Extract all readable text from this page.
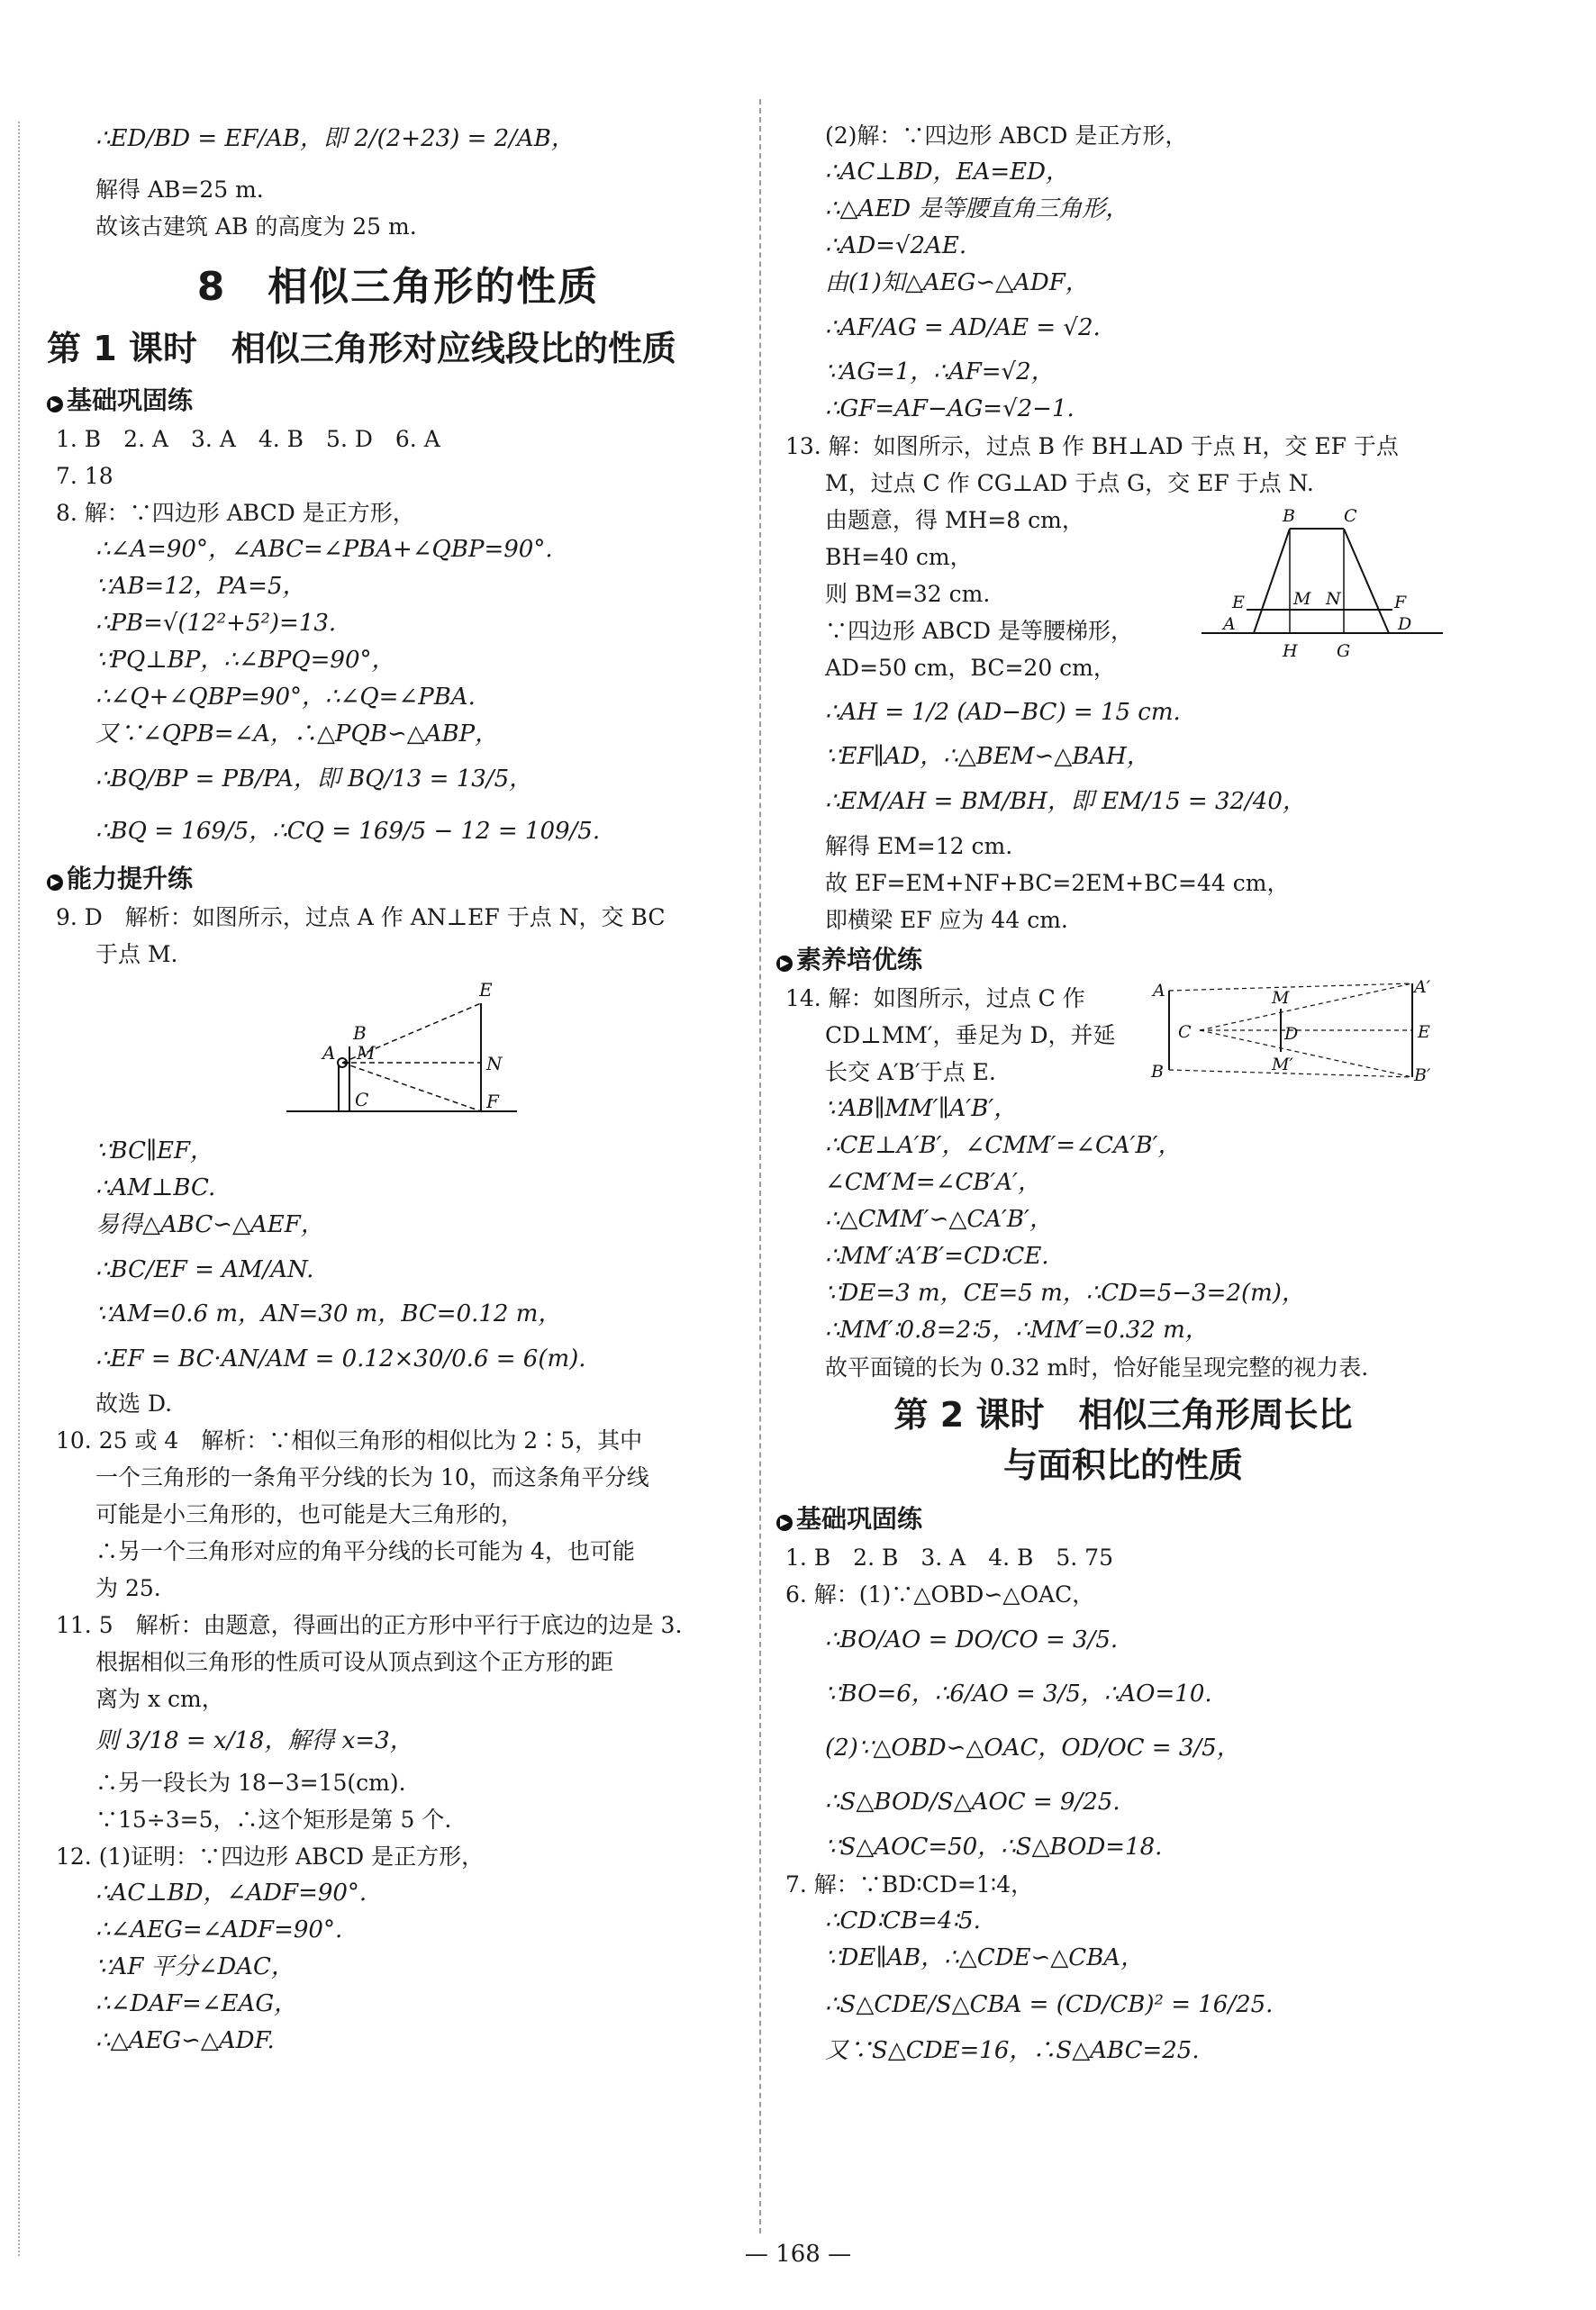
∴ED/BD = EF/AB，即 2/(2+23) = 2/AB，

解得 AB=25 m.

故该古建筑 AB 的高度为 25 m.

8　相似三角形的性质
第 1 课时　相似三角形对应线段比的性质
▶ 基础巩固练

1. B　2. A　3. A　4. B　5. D　6. A

7. 18

8. 解：∵四边形 ABCD 是正方形，

∴∠A=90°，∠ABC=∠PBA+∠QBP=90°.

∵AB=12，PA=5，

∴PB=√(12²+5²)=13.

∵PQ⊥BP，∴∠BPQ=90°，

∴∠Q+∠QBP=90°，∴∠Q=∠PBA.

又∵∠QPB=∠A，∴△PQB∽△ABP，

∴BQ/BP = PB/PA，即 BQ/13 = 13/5，

∴BQ = 169/5，∴CQ = 169/5 − 12 = 109/5.

▶ 能力提升练

9. D　解析：如图所示，过点 A 作 AN⊥EF 于点 N，交 BC

于点 M.

E
B
M
A	N
C	F

∵BC∥EF，

∴AM⊥BC.

易得△ABC∽△AEF，

∴BC/EF = AM/AN.

∵AM=0.6 m，AN=30 m，BC=0.12 m，

∴EF = BC·AN/AM = 0.12×30/0.6 = 6(m).

故选 D.

10. 25 或 4　解析：∵相似三角形的相似比为 2∶5，其中

一个三角形的一条角平分线的长为 10，而这条角平分线

可能是小三角形的，也可能是大三角形的，

∴另一个三角形对应的角平分线的长可能为 4，也可能

为 25.

11. 5　解析：由题意，得画出的正方形中平行于底边的边是 3.

根据相似三角形的性质可设从顶点到这个正方形的距

离为 x cm，

则 3/18 = x/18，解得 x=3，

∴另一段长为 18−3=15(cm).

∵15÷3=5，∴这个矩形是第 5 个.

12. (1)证明：∵四边形 ABCD 是正方形，

∴AC⊥BD，∠ADF=90°.

∴∠AEG=∠ADF=90°.

∵AF 平分∠DAC，

∴∠DAF=∠EAG，

∴△AEG∽△ADF.

(2)解：∵四边形 ABCD 是正方形，

∴AC⊥BD，EA=ED，

∴△AED 是等腰直角三角形，

∴AD=√2AE.

由(1)知△AEG∽△ADF，

∴AF/AG = AD/AE = √2.

∵AG=1，∴AF=√2，

∴GF=AF−AG=√2−1.

13. 解：如图所示，过点 B 作 BH⊥AD 于点 H，交 EF 于点

M，过点 C 作 CG⊥AD 于点 G，交 EF 于点 N.

由题意，得 MH=8 cm，

BH=40 cm，

则 BM=32 cm.

∵四边形 ABCD 是等腰梯形，

AD=50 cm，BC=20 cm，

B	C
E	M N	F
A	D
H G

∴AH = 1/2 (AD−BC) = 15 cm.

∵EF∥AD，∴△BEM∽△BAH，

∴EM/AH = BM/BH，即 EM/15 = 32/40，

解得 EM=12 cm.

故 EF=EM+NF+BC=2EM+BC=44 cm，

即横梁 EF 应为 44 cm.

▶ 素养培优练

14. 解：如图所示，过点 C 作

CD⊥MM′，垂足为 D，并延

长交 A′B′于点 E.

A	M
A′
C	D	E
B	M′
B′

∵AB∥MM′∥A′B′，

∴CE⊥A′B′，∠CMM′=∠CA′B′，

∠CM′M=∠CB′A′，

∴△CMM′∽△CA′B′，

∴MM′∶A′B′=CD∶CE.

∵DE=3 m，CE=5 m，∴CD=5−3=2(m)，

∴MM′∶0.8=2∶5，∴MM′=0.32 m，

故平面镜的长为 0.32 m时，恰好能呈现完整的视力表.

第 2 课时　相似三角形周长比
与面积比的性质
▶ 基础巩固练

1. B　2. B　3. A　4. B　5. 75

6. 解：(1)∵△OBD∽△OAC，

∴BO/AO = DO/CO = 3/5.

∵BO=6，∴6/AO = 3/5，∴AO=10.

(2)∵△OBD∽△OAC，OD/OC = 3/5，

∴S△BOD/S△AOC = 9/25.

∵S△AOC=50，∴S△BOD=18.

7. 解：∵BD∶CD=1∶4，

∴CD∶CB=4∶5.

∵DE∥AB，∴△CDE∽△CBA，

∴S△CDE/S△CBA = (CD/CB)² = 16/25.

又∵S△CDE=16，∴S△ABC=25.

— 168 —
